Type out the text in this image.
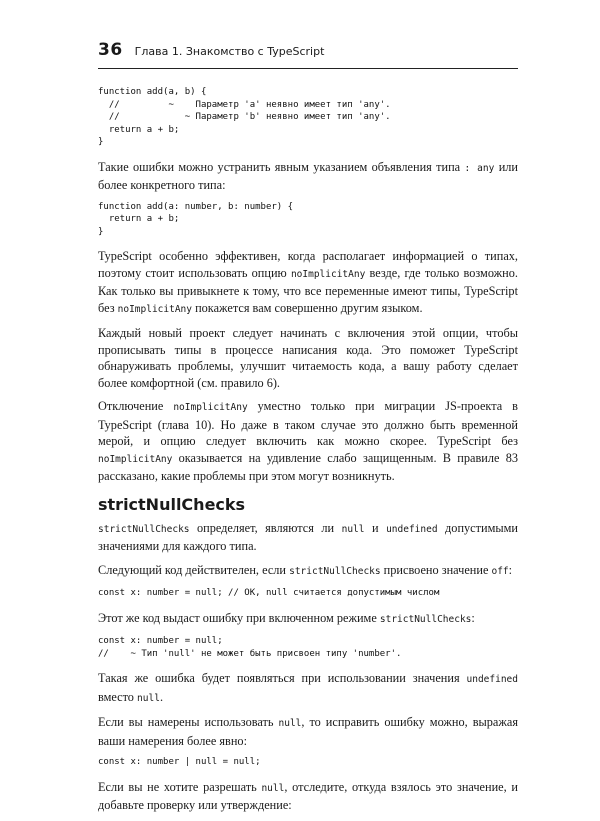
36 Глава 1. Знакомство с TypeScript
function add(a, b) {
//         ~    Параметр 'a' неявно имеет тип 'any'.
//            ~ Параметр 'b' неявно имеет тип 'any'.
return a + b;
}

Такие ошибки можно устранить явным указанием объявления типа : any или более конкретного типа:

function add(a: number, b: number) {
return a + b;
}

TypeScript особенно эффективен, когда располагает информацией о типах, поэтому стоит использовать опцию noImplicitAny везде, где только возможно. Как только вы привыкнете к тому, что все переменные имеют типы, TypeScript без noImplicitAny покажется вам совершенно другим языком.

Каждый новый проект следует начинать с включения этой опции, чтобы прописывать типы в процессе написания кода. Это поможет TypeScript обнаруживать проблемы, улучшит читаемость кода, а вашу работу сделает более комфортной (см. правило 6).

Отключение noImplicitAny уместно только при миграции JS-проекта в TypeScript (глава 10). Но даже в таком случае это должно быть временной мерой, и опцию следует включить как можно скорее. TypeScript без noImplicitAny оказывается на удивление слабо защищенным. В правиле 83 рассказано, какие проблемы при этом могут возникнуть.

strictNullChecks

strictNullChecks определяет, являются ли null и undefined допустимыми значениями для каждого типа.

Следующий код действителен, если strictNullChecks присвоено значение off:

const x: number = null; // OK, null считается допустимым числом

Этот же код выдаст ошибку при включенном режиме strictNullChecks:

const x: number = null;
//    ~ Тип 'null' не может быть присвоен типу 'number'.

Такая же ошибка будет появляться при использовании значения undefined вместо null.

Если вы намерены использовать null, то исправить ошибку можно, выражая ваши намерения более явно:

const x: number | null = null;

Если вы не хотите разрешать null, отследите, откуда взялось это значение, и добавьте проверку или утверждение:
